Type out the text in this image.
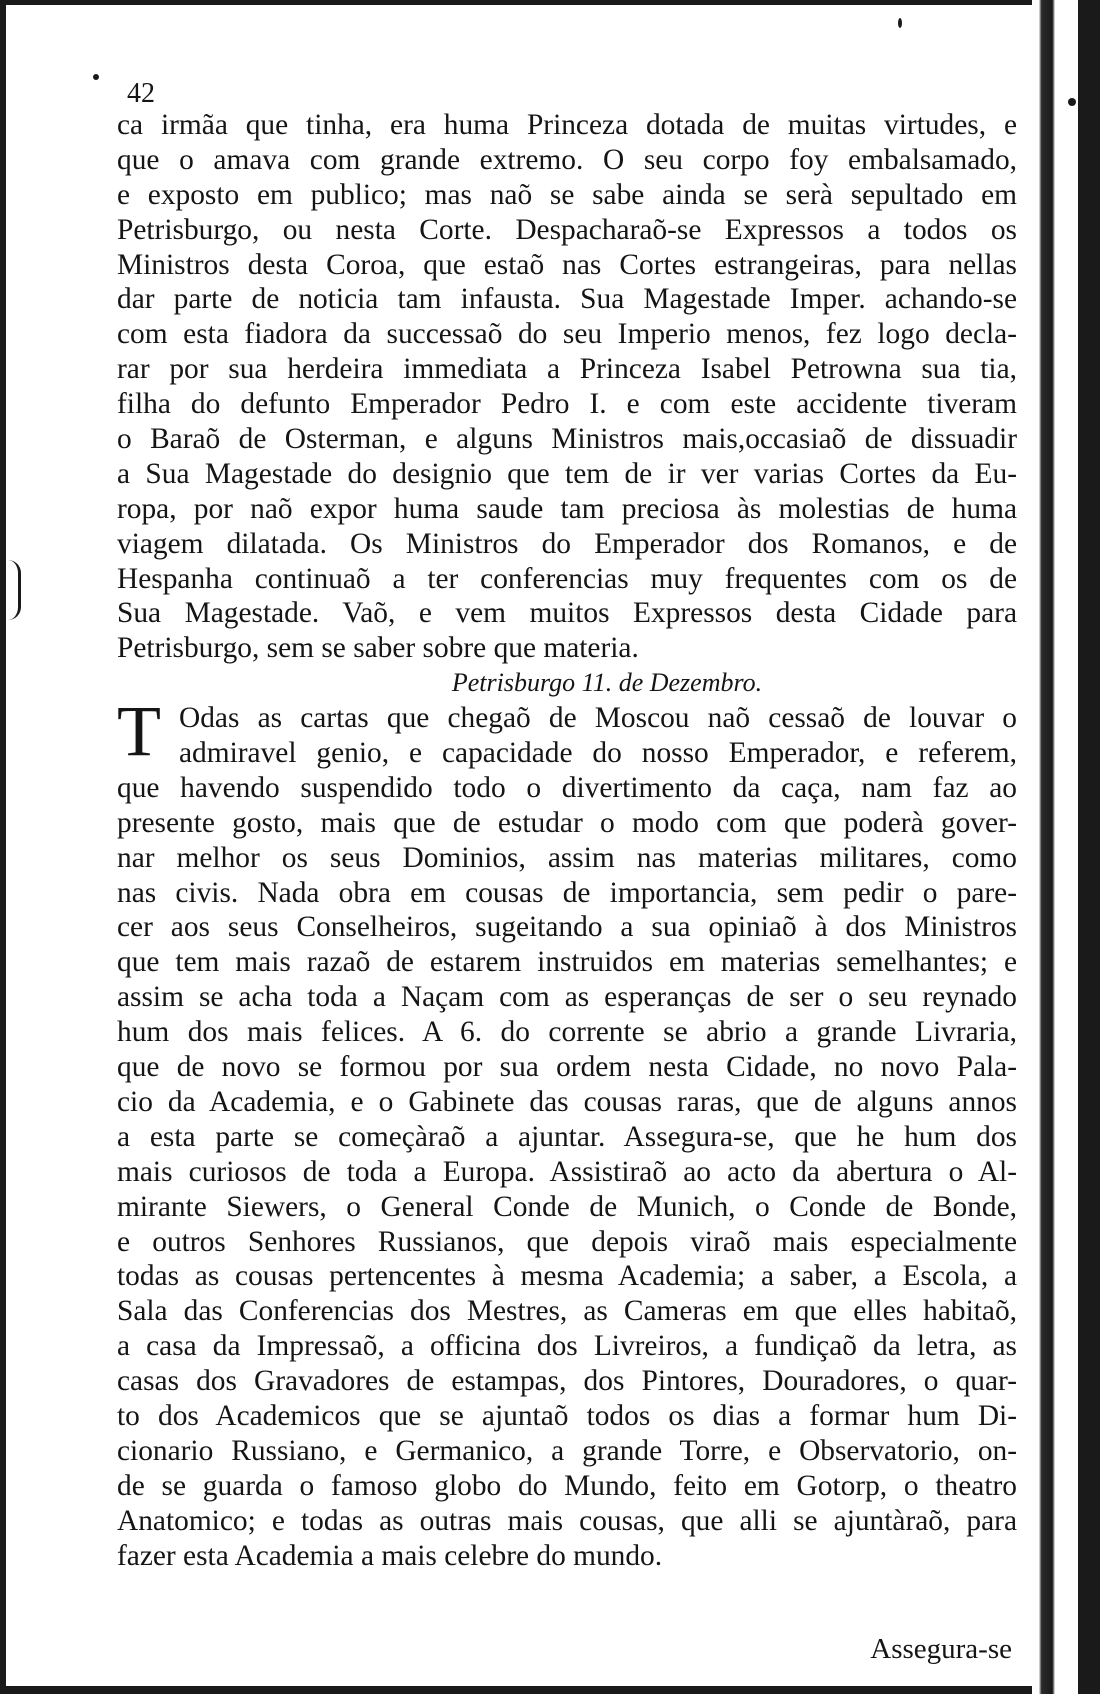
42
ca irmãa que tinha, era huma Princeza dotada de muitas virtudes, e
que o amava com grande extremo. O seu corpo foy embalsamado,
e exposto em publico; mas naõ se sabe ainda se serà sepultado em
Petrisburgo, ou nesta Corte. Despacharaõ-se Expressos a todos os
Ministros desta Coroa, que estaõ nas Cortes estrangeiras, para nellas
dar parte de noticia tam infausta. Sua Magestade Imper. achando-se
com esta fiadora da successaõ do seu Imperio menos, fez logo decla-
rar por sua herdeira immediata a Princeza Isabel Petrowna sua tia,
filha do defunto Emperador Pedro I. e com este accidente tiveram
o Baraõ de Osterman, e alguns Ministros mais,occasiaõ de dissuadir
a Sua Magestade do designio que tem de ir ver varias Cortes da Eu-
ropa, por naõ expor huma saude tam preciosa às molestias de huma
viagem dilatada. Os Ministros do Emperador dos Romanos, e de
Hespanha continuaõ a ter conferencias muy frequentes com os de
Sua Magestade. Vaõ, e vem muitos Expressos desta Cidade para
Petrisburgo, sem se saber sobre que materia.
Petrisburgo 11. de Dezembro.
T Odas as cartas que chegaõ de Moscou naõ cessaõ de louvar o
admiravel genio, e capacidade do nosso Emperador, e referem,
que havendo suspendido todo o divertimento da caça, nam faz ao
presente gosto, mais que de estudar o modo com que poderà gover-
nar melhor os seus Dominios, assim nas materias militares, como
nas civis. Nada obra em cousas de importancia, sem pedir o pare-
cer aos seus Conselheiros, sugeitando a sua opiniaõ à dos Ministros
que tem mais razaõ de estarem instruidos em materias semelhantes; e
assim se acha toda a Naçam com as esperanças de ser o seu reynado
hum dos mais felices. A 6. do corrente se abrio a grande Livraria,
que de novo se formou por sua ordem nesta Cidade, no novo Pala-
cio da Academia, e o Gabinete das cousas raras, que de alguns annos
a esta parte se começàraõ a ajuntar. Assegura-se, que he hum dos
mais curiosos de toda a Europa. Assistiraõ ao acto da abertura o Al-
mirante Siewers, o General Conde de Munich, o Conde de Bonde,
e outros Senhores Russianos, que depois viraõ mais especialmente
todas as cousas pertencentes à mesma Academia; a saber, a Escola, a
Sala das Conferencias dos Mestres, as Cameras em que elles habitaõ,
a casa da Impressaõ, a officina dos Livreiros, a fundiçaõ da letra, as
casas dos Gravadores de estampas, dos Pintores, Douradores, o quar-
to dos Academicos que se ajuntaõ todos os dias a formar hum Di-
cionario Russiano, e Germanico, a grande Torre, e Observatorio, on-
de se guarda o famoso globo do Mundo, feito em Gotorp, o theatro
Anatomico; e todas as outras mais cousas, que alli se ajuntàraõ, para
fazer esta Academia a mais celebre do mundo.
Assegura-se
